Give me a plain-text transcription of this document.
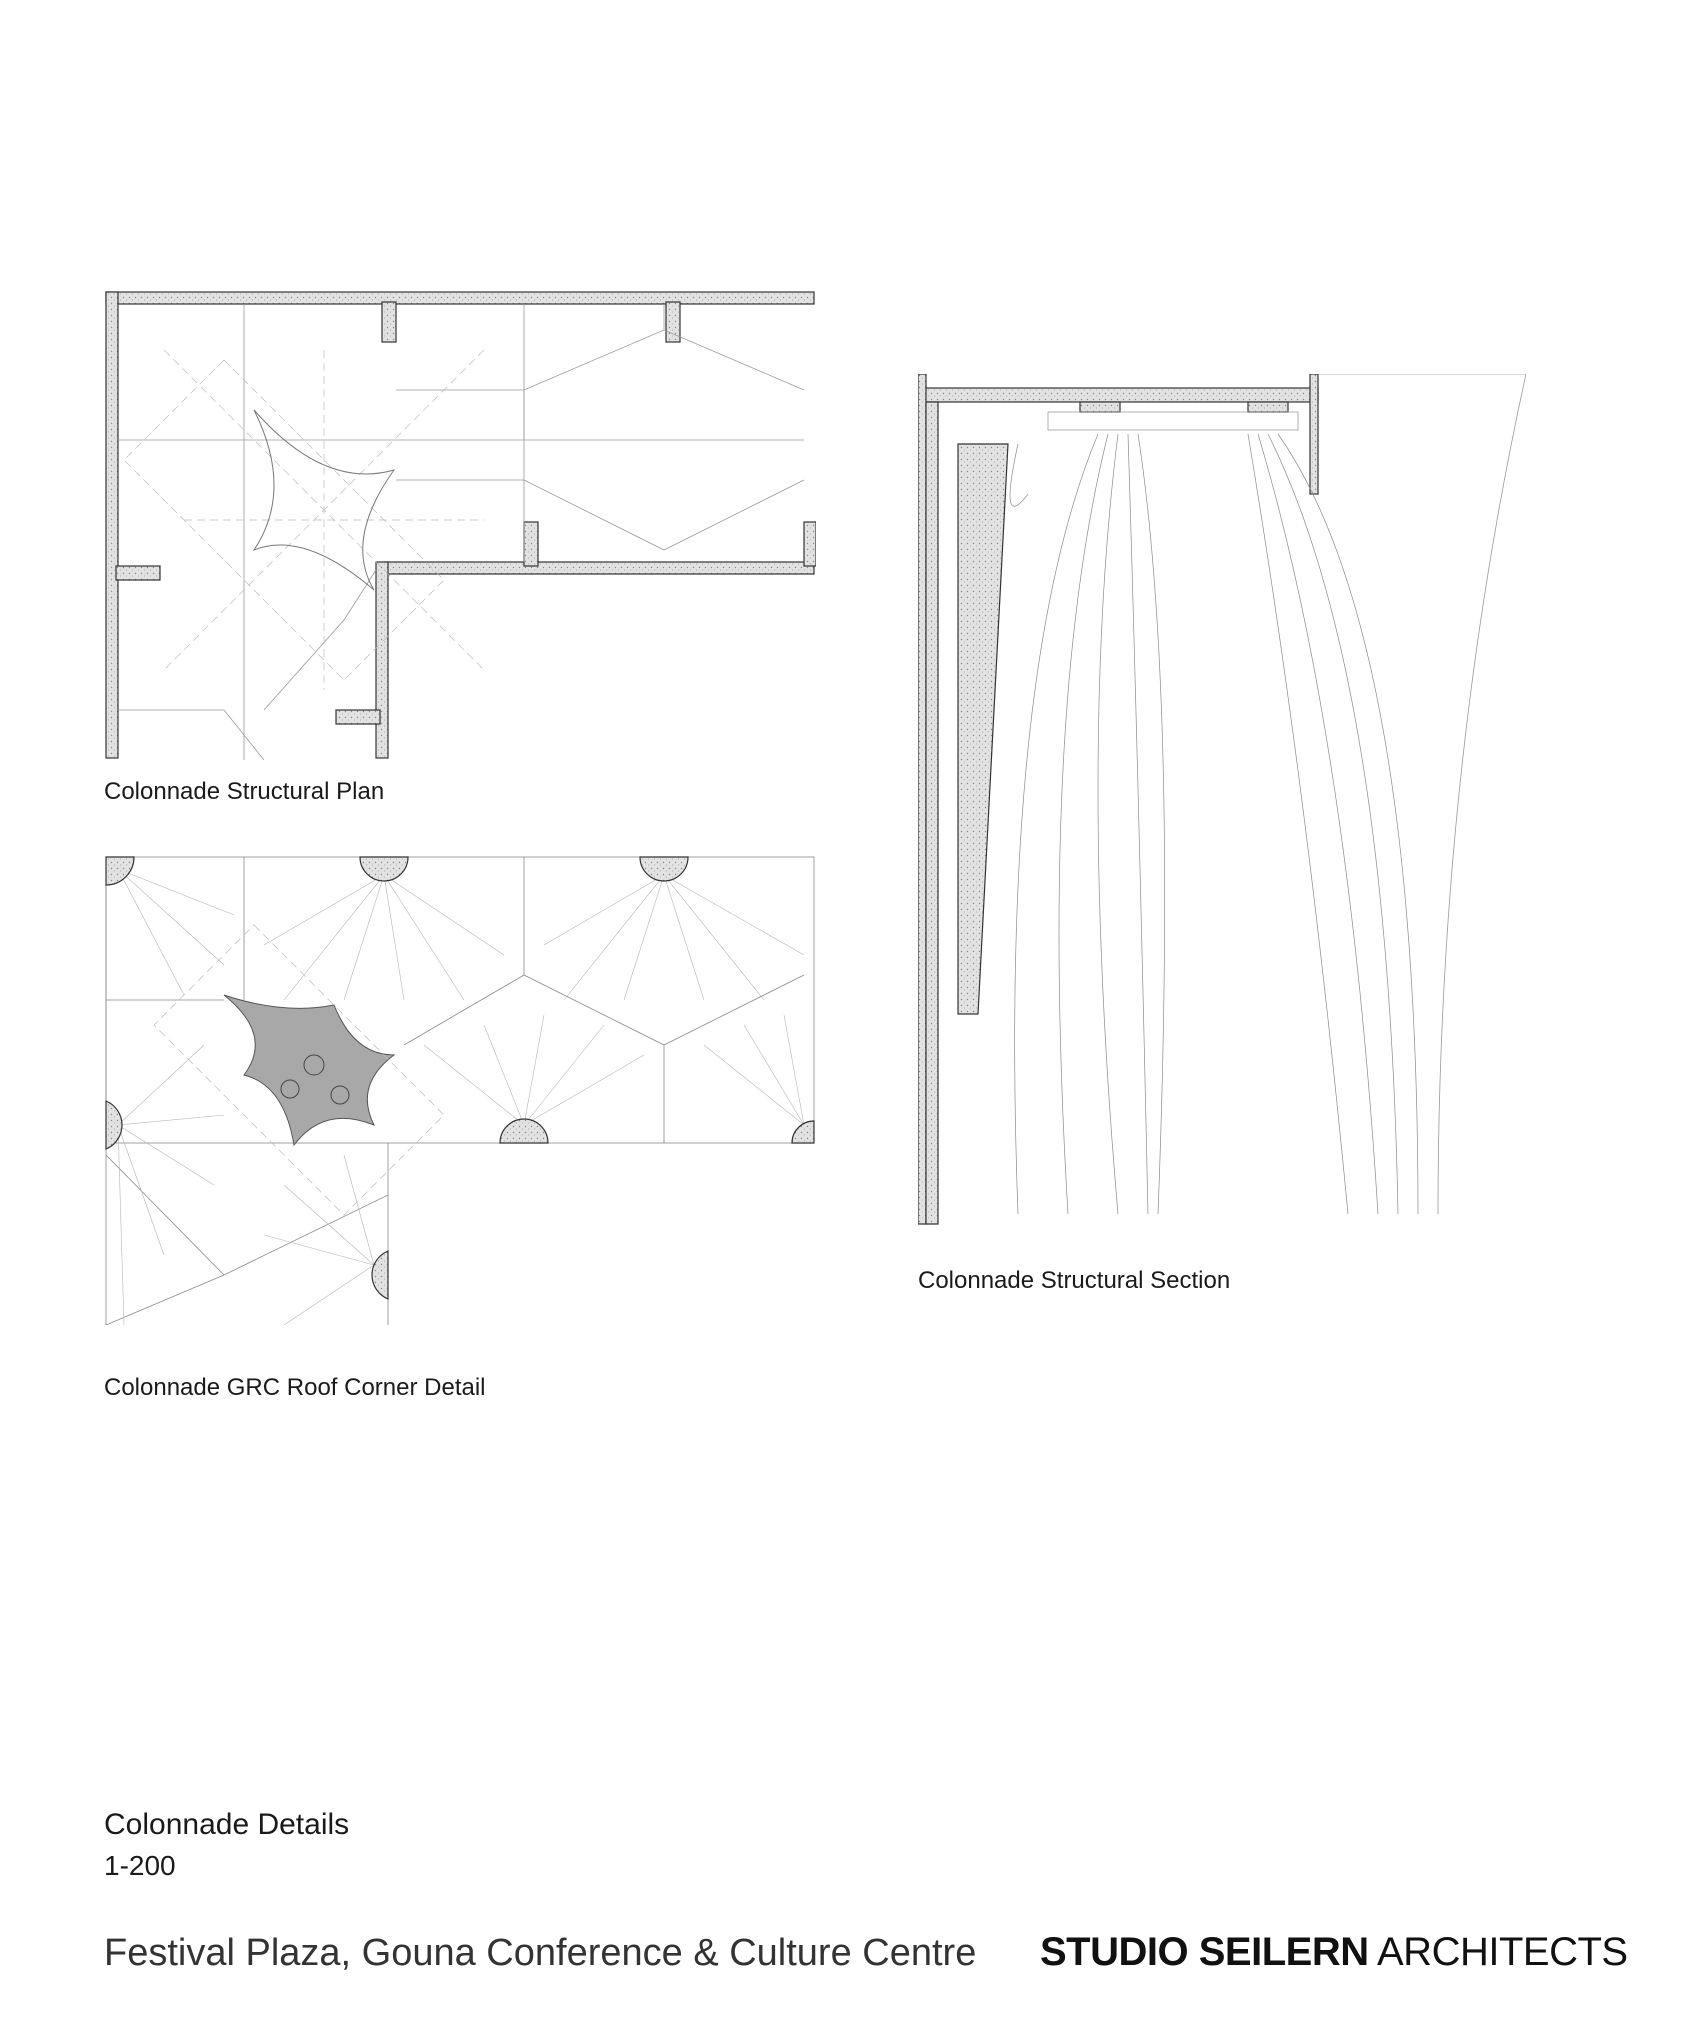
Colonnade Structural Plan
Colonnade GRC Roof Corner Detail
Colonnade Structural Section
Colonnade Details
1-200
Festival Plaza, Gouna Conference & Culture Centre STUDIO SEILERN ARCHITECTS
